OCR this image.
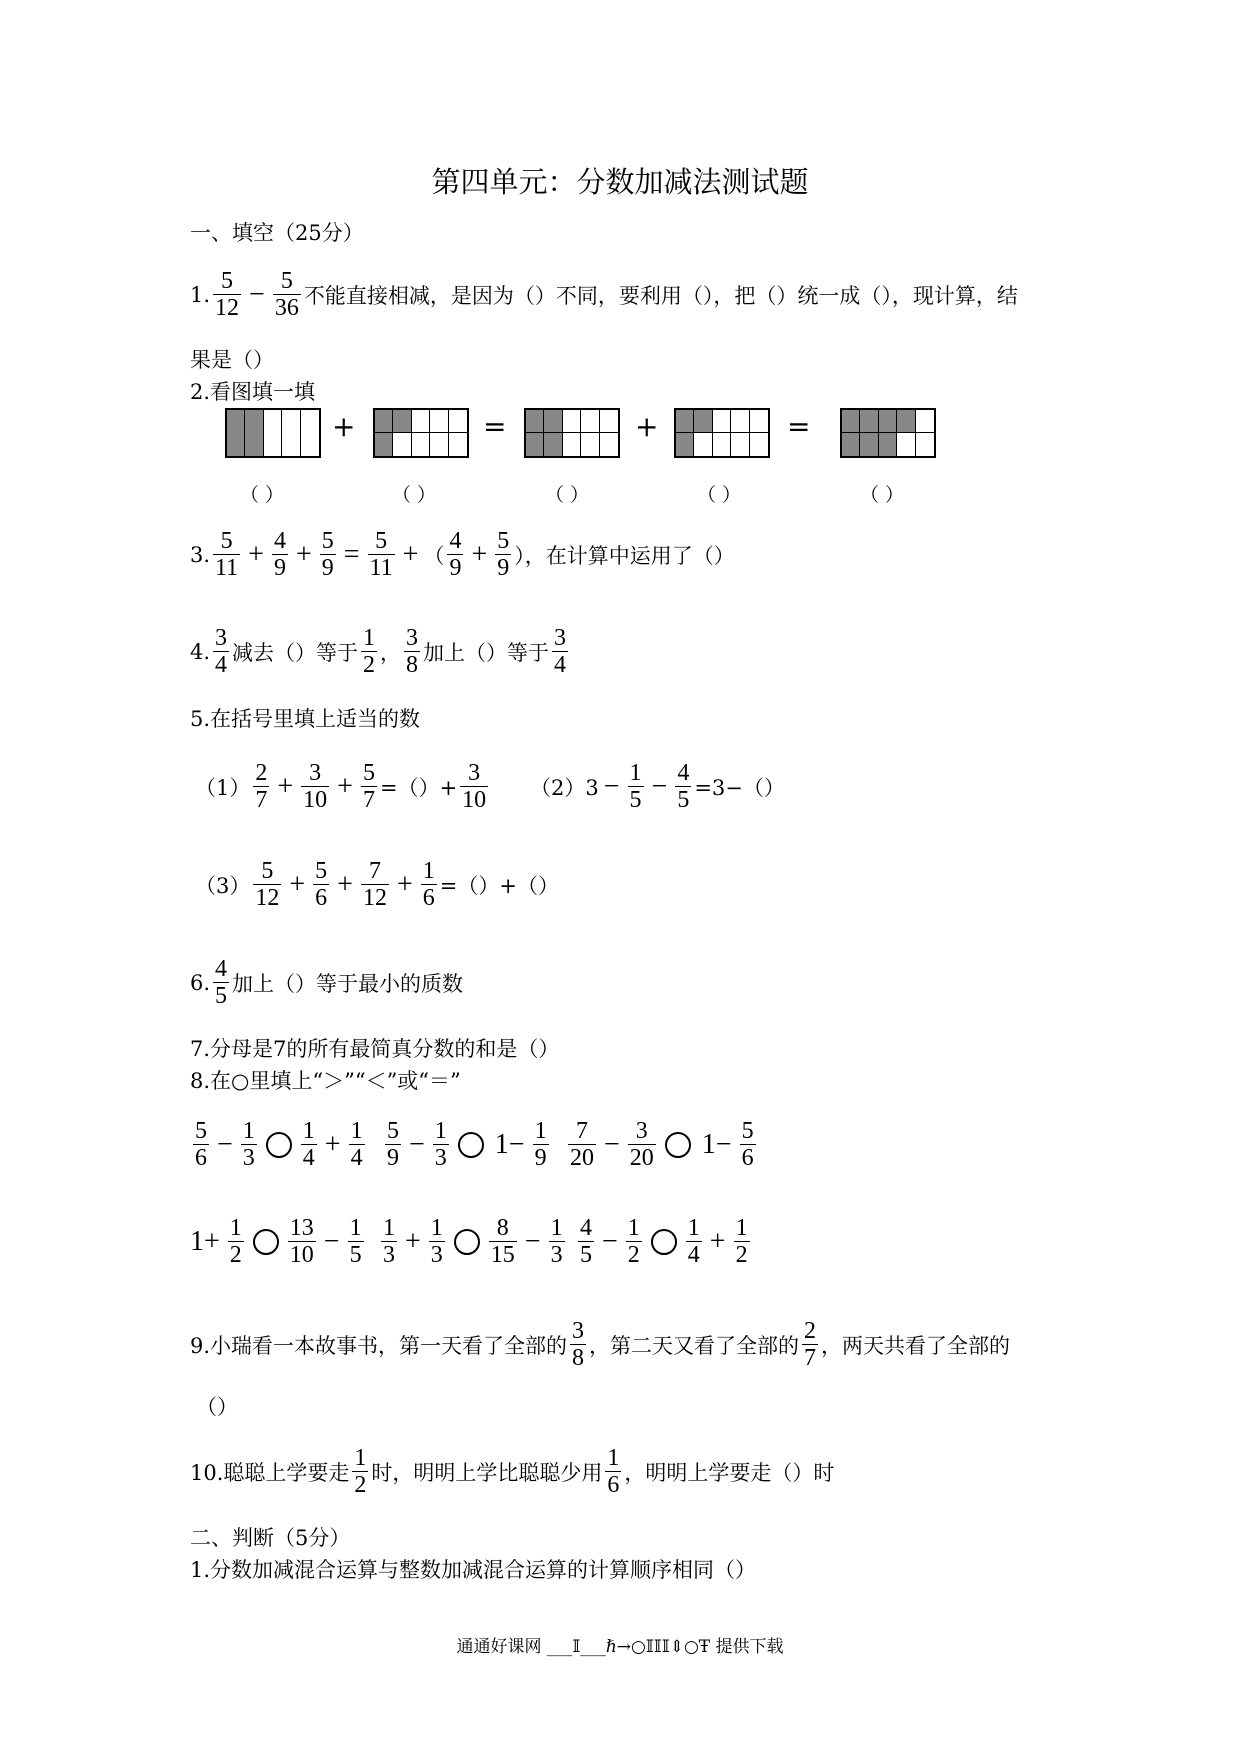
第四单元：分数加减法测试题
一、填空（25分）
1. $\frac{5}{12} - \frac{5}{36}$ 不能直接相减，是因为（）不同，要利用（），把（）统一成（），现计算，结
果是（）
2.看图填一填
+	=	+	=
（ ）	（ ）	（ ）	（ ）	（ ）
3. $\frac{5}{11} + \frac{4}{9} + \frac{5}{9} = \frac{5}{11}$ + （ $\frac{4}{9} + \frac{5}{9}$ ）， 在计算中运用了（）
4. $\frac{3}{4}$ 减去（）等于 $\frac{1}{2}$ ， $\frac{3}{8}$ 加上（）等于 $\frac{3}{4}$
5.在括号里填上适当的数
$(1) \frac{2}{7} + \frac{3}{10} + \frac{5}{7}$ =（）+ $\frac{3}{10} (2)3 - \frac{1}{5} - \frac{4}{5} =3-()$
$(3) \frac{5}{12} + \frac{5}{6} + \frac{7}{12} + \frac{1}{6}$ =（）+（）
6. $\frac{4}{5}$ 加上（）等于最小的质数
7.分母是7的所有最简真分数的和是（）
8.在○里填上“＞”“＜”或“＝”
$\frac{5}{6} - \frac{1}{3} \frac{1}{4} + \frac{1}{4} \frac{5}{9} - \frac{1}{3} 1- \frac{1}{9} \frac{7}{20} - \frac{3}{20} 1- \frac{5}{6}$
$1+ \frac{1}{2} \frac{13}{10} - \frac{1}{5} \frac{1}{3} + \frac{1}{3} \frac{8}{15} - \frac{1}{3} \frac{4}{5} - \frac{1}{2} \frac{1}{4} + \frac{1}{2}$
9.小瑞看一本故事书，第一天看了全部的 $\frac{3}{8}$ ，第二天又看了全部的 $\frac{2}{7}$ ，两天共看了全部的
（）
10.聪聪上学要走 $\frac{1}{2}$ 时，明明上学比聪聪少用 $\frac{1}{6}$ ，明明上学要走（）时
二、判断（5分）
1.分数加减混合运算与整数加减混合运算的计算顺序相同（）
通通好课网 ___𝕀___ℏ→○𝕀𝕀𝕀⇕○Ŧ 提供下载
